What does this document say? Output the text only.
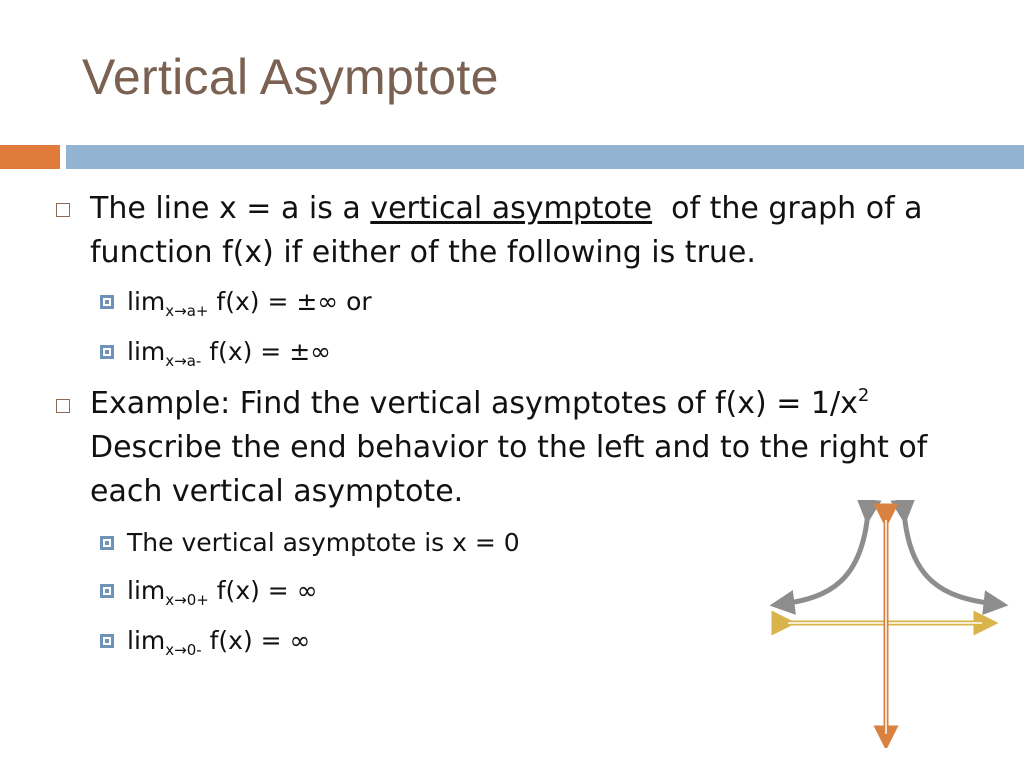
Vertical Asymptote
The line x = a is a vertical asymptote  of the graph of a function f(x) if either of the following is true.
$\lim_{x\to a+} f(x)$ = ±∞ or
$\lim_{x\to a-} f(x)$ = ±∞
Example: Find the vertical asymptotes of $f(x) = 1/x^2$ Describe the end behavior to the left and to the right of each vertical asymptote.
The vertical asymptote is x = 0
$\lim_{x\to 0+} f(x)$ = ∞
$\lim_{x\to 0-} f(x)$ = ∞
